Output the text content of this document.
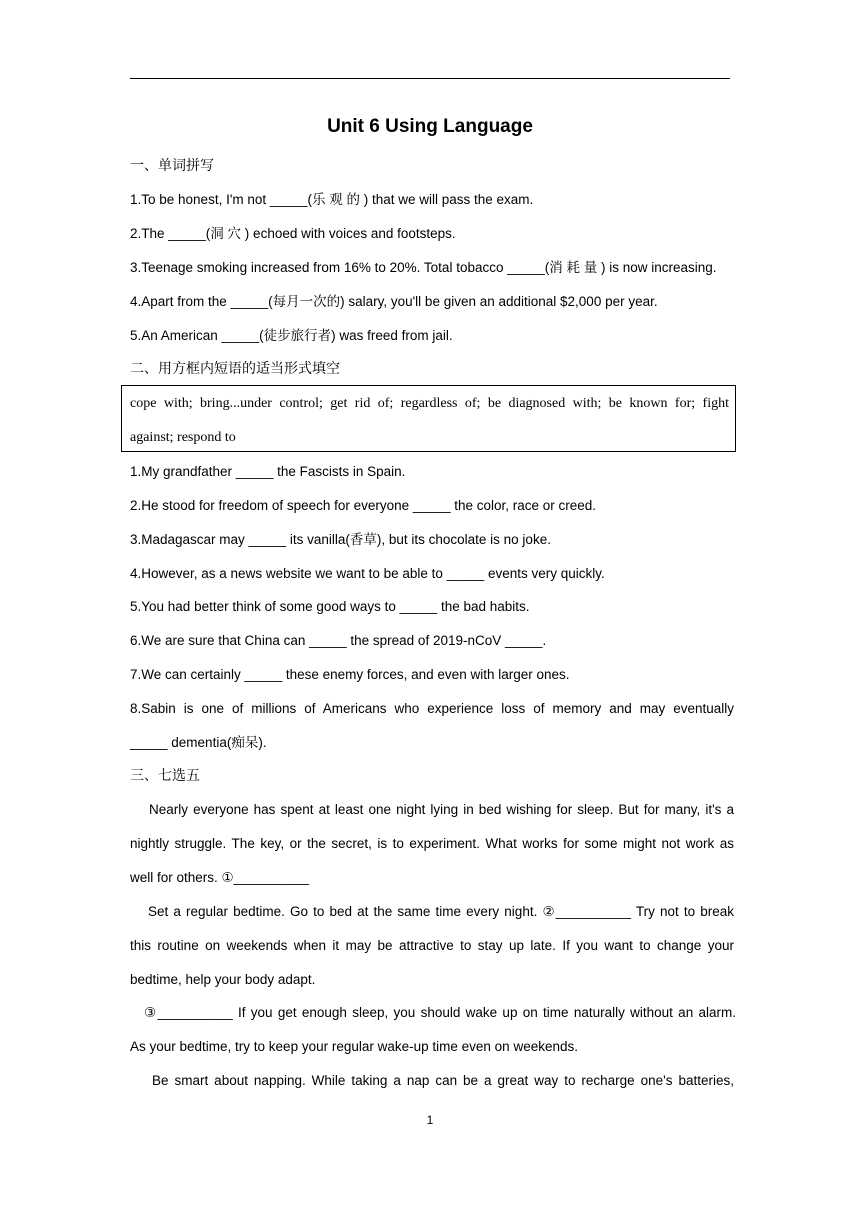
Unit 6 Using Language
一、单词拼写
1.To be honest, I'm not _____(乐 观 的 ) that we will pass the exam.
2.The _____(洞 穴 ) echoed with voices and footsteps.
3.Teenage smoking increased from 16% to 20%. Total tobacco _____(消 耗 量 ) is now increasing.
4.Apart from the _____(每月一次的) salary, you'll be given an additional $2,000 per year.
5.An American _____(徒步旅行者) was freed from jail.
二、用方框内短语的适当形式填空
cope with; bring...under control; get rid of; regardless of; be diagnosed with; be known for; fight
against; respond to
1.My grandfather _____ the Fascists in Spain.
2.He stood for freedom of speech for everyone _____ the color, race or creed.
3.Madagascar may _____ its vanilla(香草), but its chocolate is no joke.
4.However, as a news website we want to be able to _____ events very quickly.
5.You had better think of some good ways to _____ the bad habits.
6.We are sure that China can _____ the spread of 2019-nCoV _____.
7.We can certainly _____ these enemy forces, and even with larger ones.
8.Sabin is one of millions of Americans who experience loss of memory and may eventually
_____ dementia(痴呆).
三、七选五
Nearly everyone has spent at least one night lying in bed wishing for sleep. But for many, it's a
nightly struggle. The key, or the secret, is to experiment. What works for some might not work as
well for others. ①__________
Set a regular bedtime. Go to bed at the same time every night. ②__________ Try not to break
this routine on weekends when it may be attractive to stay up late. If you want to change your
bedtime, help your body adapt.
③__________ If you get enough sleep, you should wake up on time naturally without an alarm.
As your bedtime, try to keep your regular wake-up time even on weekends.
Be smart about napping. While taking a nap can be a great way to recharge one's batteries,
1
